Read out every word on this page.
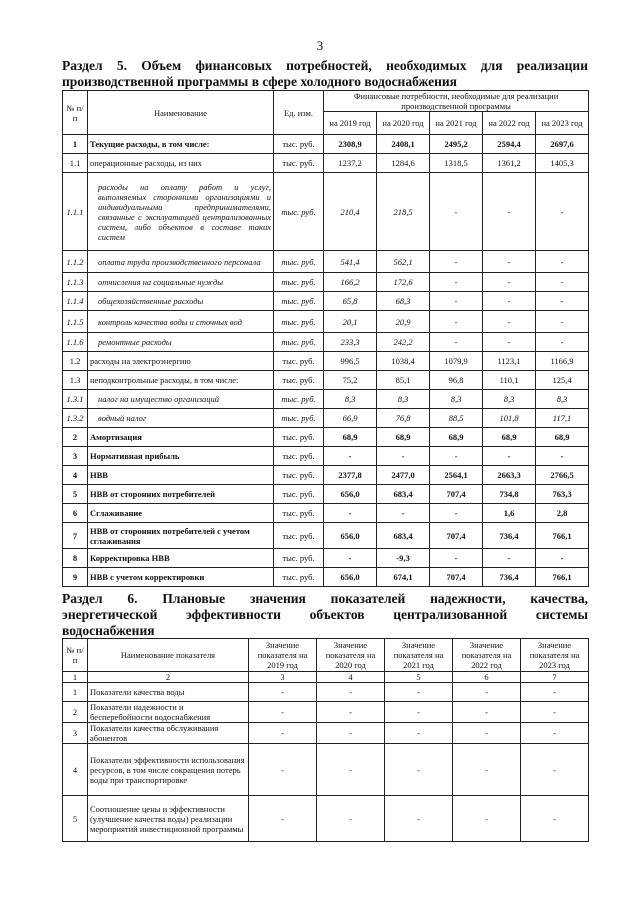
3
Раздел 5. Объем финансовых потребностей, необходимых для реализации
производственной программы в сфере холодного водоснабжения
№ п/п	Наименование	Ед. изм.	Финансовые потребности, необходимые для реализации производственной программы				
			на 2019 год	на 2020 год	на 2021 год	на 2022 год	на 2023 год
1	Текущие расходы, в том числе:	тыс. руб.	2308,9	2408,1	2495,2	2594,4	2697,6
1.1	операционные расходы, из них	тыс. руб.	1237,2	1284,6	1318,5	1361,2	1405,3
1.1.1	расходы на оплату работ и услуг, выполняемых сторонними организациями и индивидуальными предпринимателями, связанные с эксплуатацией централизованных систем, либо объектов в составе таких систем	тыс. руб.	210,4	218,5	-	-	-
1.1.2	оплата труда производственного персонала	тыс. руб.	541,4	562,1	-	-	-
1.1.3	отчисления на социальные нужды	тыс. руб.	166,2	172,6	-	-	-
1.1.4	общехозяйственные расходы	тыс. руб.	65,8	68,3	-	-	-
1.1.5	контроль качества воды и сточных вод	тыс. руб.	20,1	20,9	-	-	-
1.1.6	ремонтные расходы	тыс. руб.	233,3	242,2	-	-	-
1.2	расходы на электроэнергию	тыс. руб.	996,5	1038,4	1079,9	1123,1	1166,9
1.3	неподконтрольные расходы, в том числе:	тыс. руб.	75,2	85,1	96,8	110,1	125,4
1.3.1	налог на имущество организаций	тыс. руб.	8,3	8,3	8,3	8,3	8,3
1.3.2	водный налог	тыс. руб.	66,9	76,8	88,5	101,8	117,1
2	Амортизация	тыс. руб.	68,9	68,9	68,9	68,9	68,9
3	Нормативная прибыль	тыс. руб.	-	-	-	-	-
4	НВВ	тыс. руб.	2377,8	2477,0	2564,1	2663,3	2766,5
5	НВВ от сторонних потребителей	тыс. руб.	656,0	683,4	707,4	734,8	763,3
6	Сглаживание	тыс. руб.	-	-	-	1,6	2,8
7	НВВ от сторонних потребителей с учетом сглаживания	тыс. руб.	656,0	683,4	707,4	736,4	766,1
8	Корректировка НВВ	тыс. руб.	-	-9,3	-	-	-
9	НВВ с учетом корректировки	тыс. руб.	656,0	674,1	707,4	736,4	766,1
Раздел 6. Плановые значения показателей надежности, качества,
энергетической эффективности объектов централизованной системы
водоснабжения
№ п/п	Наименование показателя	Значение показателя на 2019 год	Значение показателя на 2020 год	Значение показателя на 2021 год	Значение показателя на 2022 год	Значение показателя на 2023 год
1	2	3	4	5	6	7
1	Показатели качества воды	-	-	-	-	-
2	Показатели надежности и бесперебойности водоснабжения	-	-	-	-	-
3	Показатели качества обслуживания абонентов	-	-	-	-	-
4	Показатели эффективности использования ресурсов, в том числе сокращения потерь воды при транспортировке	-	-	-	-	-
5	Соотношение цены и эффективности (улучшение качества воды) реализации мероприятий инвестиционной программы	-	-	-	-	-
